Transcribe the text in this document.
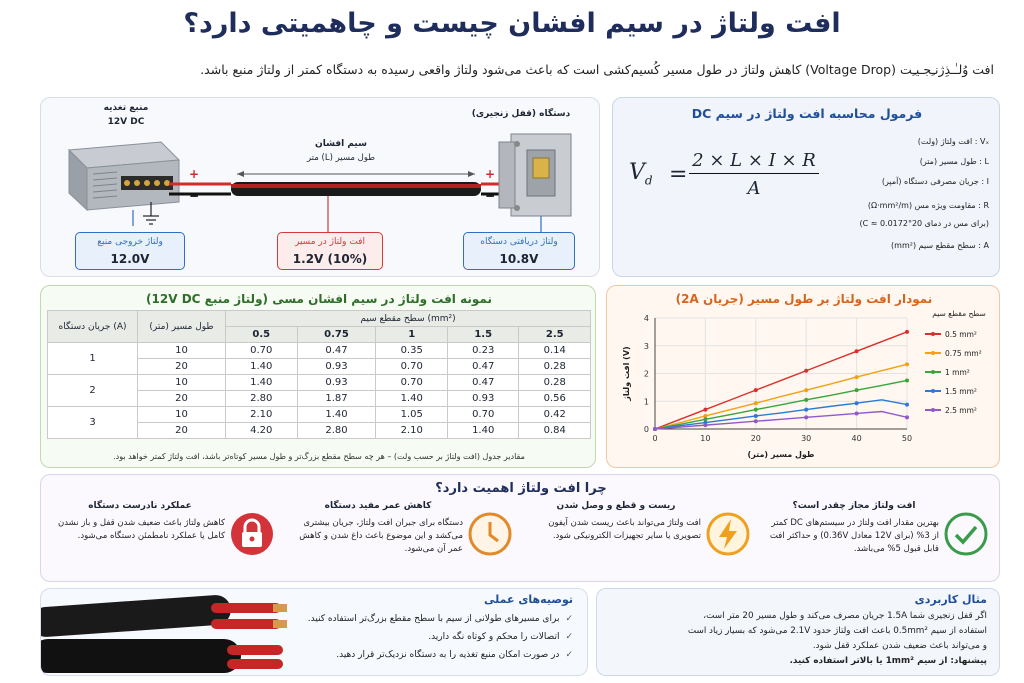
افت ولتاژ در سیم افشان چیست و چاهمیتی دارد؟
افت وُلـٰـذِژنـِجـیـِت (Voltage Drop) کاهش ولتاژ در طول مسیر کُسیم‌کشی است که باعث می‌شود ولتاژ واقعی رسیده به دستگاه کمتر از ولتاژ منبع باشد.
منبع تغذیه
12V DC
دستگاه (قفل زنجیری)
سیم افشان
طول مسیر (L) متر
+
−
+
−
ولتاژ خروجی منبع
12.0V
افت ولتاژ در مسیر
1.2V (10%)
ولتاژ دریافتی دستگاه
10.8V
فرمول محاسبه افت ولتاژ در سیم DC
$V_d$ =
2 × L × I × R
A
Vₓ : افت ولتاژ (ولت)
L : طول مسیر (متر)
I : جریان مصرفی دستگاه (آمپر)
R : مقاومت ویژه مس (Ω·mm²/m)
(برای مس در دمای 20°C ≈ 0.0172)
A : سطح مقطع سیم (mm²)
نمونه افت ولتاژ در سیم افشان مسی (ولتاژ منبع 12V DC)
جریان دستگاه (A)	طول مسیر (متر)	سطح مقطع سیم (mm²)				
		0.5	0.75	1	1.5	2.5
1	10	0.70	0.47	0.35	0.23	0.14
	20	1.40	0.93	0.70	0.47	0.28
2	10	1.40	0.93	0.70	0.47	0.28
	20	2.80	1.87	1.40	0.93	0.56
3	10	2.10	1.40	1.05	0.70	0.42
	20	4.20	2.80	2.10	1.40	0.84
مقادیر جدول (افت ولتاژ بر حسب ولت) – هر چه سطح مقطع بزرگ‌تر و طول مسیر کوتاه‌تر باشد، افت ولتاژ کمتر خواهد بود.
نمودار افت ولتاژ بر طول مسیر (جریان 2A)
0	10	20	30	40	50
0
1
2
3
4
طول مسیر (متر)
افت ولتاژ (V)
سطح مقطع سیم
0.5 mm²
0.75 mm²
1 mm²
1.5 mm²
2.5 mm²
چرا افت ولتاژ اهمیت دارد؟
افت ولتاژ مجاز چقدر است؟
بهترین مقدار افت ولتاژ در سیستم‌های DC کمتر از 3% (برای 12V معادل 0.36V) و حداکثر افت قابل قبول 5% می‌باشد.
ریست و قطع و وصل شدن
افت ولتاژ می‌تواند باعث ریست شدن آیفون تصویری یا سایر تجهیزات الکترونیکی شود.
کاهش عمر مفید دستگاه
دستگاه برای جبران افت ولتاژ، جریان بیشتری می‌کشد و این موضوع باعث داغ شدن و کاهش عمر آن می‌شود.
عملکرد نادرست دستگاه
کاهش ولتاژ باعث ضعیف شدن قفل و باز نشدن کامل یا عملکرد نامطمئن دستگاه می‌شود.
توصیه‌های عملی
✓برای مسیرهای طولانی از سیم با سطح مقطع بزرگ‌تر استفاده کنید.
✓اتصالات را محکم و کوتاه نگه دارید.
✓در صورت امکان منبع تغذیه را به دستگاه نزدیک‌تر قرار دهید.
مثال کاربردی
اگر قفل زنجیری شما 1.5A جریان مصرف می‌کند و طول مسیر 20 متر است،
استفاده از سیم 0.5mm² باعث افت ولتاژ حدود 2.1V می‌شود که بسیار زیاد است
و می‌تواند باعث ضعیف شدن عملکرد قفل شود.
پیشنهاد: از سیم 1mm² یا بالاتر استفاده کنید.
